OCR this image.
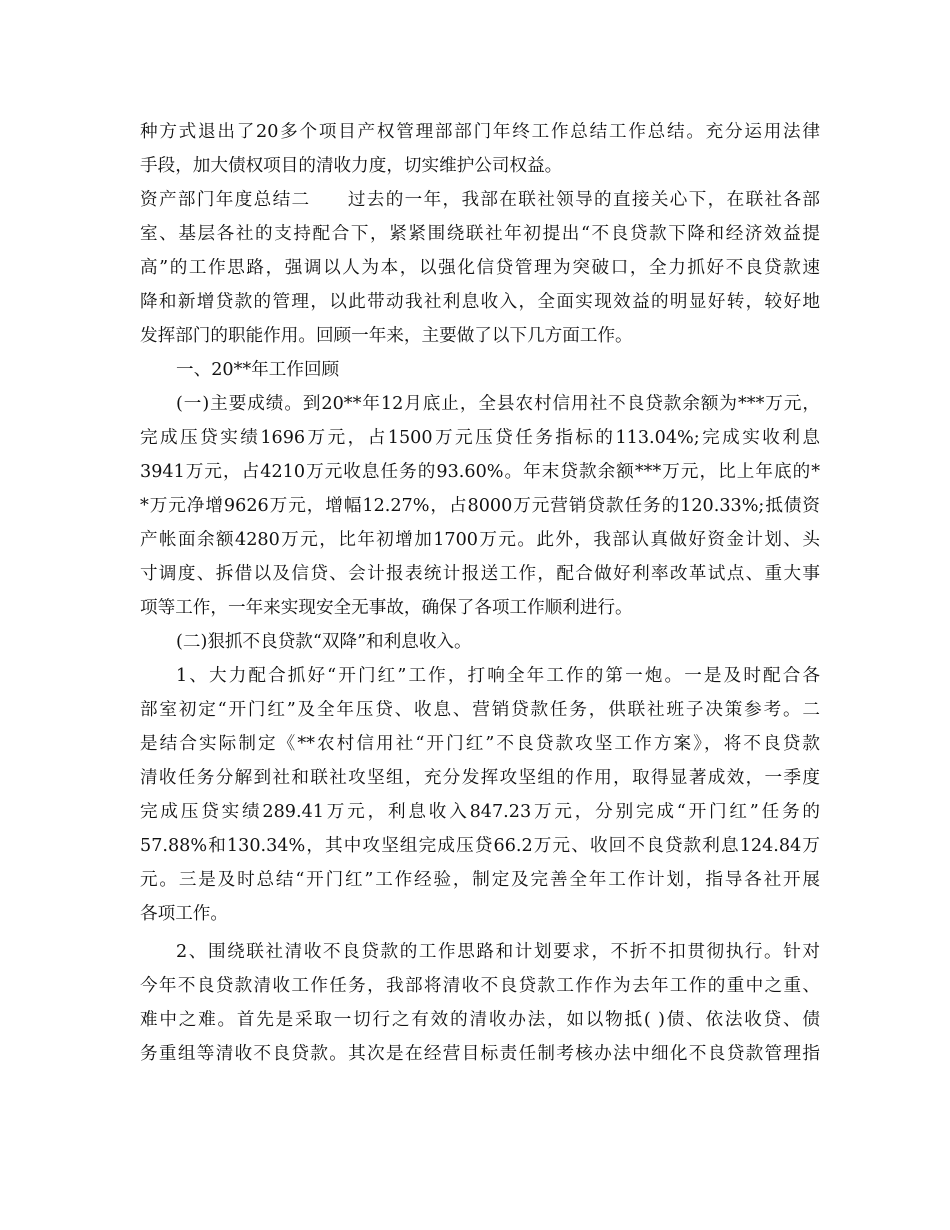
种方式退出了20多个项目产权管理部部门年终工作总结工作总结。充分运用法律
手段，加大债权项目的清收力度，切实维护公司权益。
资产部门年度总结二 过去的一年，我部在联社领导的直接关心下，在联社各部
室、基层各社的支持配合下，紧紧围绕联社年初提出“不良贷款下降和经济效益提
高”的工作思路，强调以人为本，以强化信贷管理为突破口，全力抓好不良贷款速
降和新增贷款的管理，以此带动我社利息收入，全面实现效益的明显好转，较好地
发挥部门的职能作用。回顾一年来，主要做了以下几方面工作。
一、20**年工作回顾
(一)主要成绩。到20**年12月底止，全县农村信用社不良贷款余额为***万元，
完成压贷实绩1696万元，占1500万元压贷任务指标的113.04%;完成实收利息
3941万元，占4210万元收息任务的93.60%。年末贷款余额***万元，比上年底的*
*万元净增9626万元，增幅12.27%，占8000万元营销贷款任务的120.33%;抵债资
产帐面余额4280万元，比年初增加1700万元。此外，我部认真做好资金计划、头
寸调度、拆借以及信贷、会计报表统计报送工作，配合做好利率改革试点、重大事
项等工作，一年来实现安全无事故，确保了各项工作顺利进行。
(二)狠抓不良贷款“双降”和利息收入。
1、大力配合抓好“开门红”工作，打响全年工作的第一炮。一是及时配合各
部室初定“开门红”及全年压贷、收息、营销贷款任务，供联社班子决策参考。二
是结合实际制定《**农村信用社“开门红”不良贷款攻坚工作方案》，将不良贷款
清收任务分解到社和联社攻坚组，充分发挥攻坚组的作用，取得显著成效，一季度
完成压贷实绩289.41万元，利息收入847.23万元，分别完成“开门红”任务的
57.88%和130.34%，其中攻坚组完成压贷66.2万元、收回不良贷款利息124.84万
元。三是及时总结“开门红”工作经验，制定及完善全年工作计划，指导各社开展
各项工作。
2、围绕联社清收不良贷款的工作思路和计划要求，不折不扣贯彻执行。针对
今年不良贷款清收工作任务，我部将清收不良贷款工作作为去年工作的重中之重、
难中之难。首先是采取一切行之有效的清收办法，如以物抵( )债、依法收贷、债
务重组等清收不良贷款。其次是在经营目标责任制考核办法中细化不良贷款管理指
